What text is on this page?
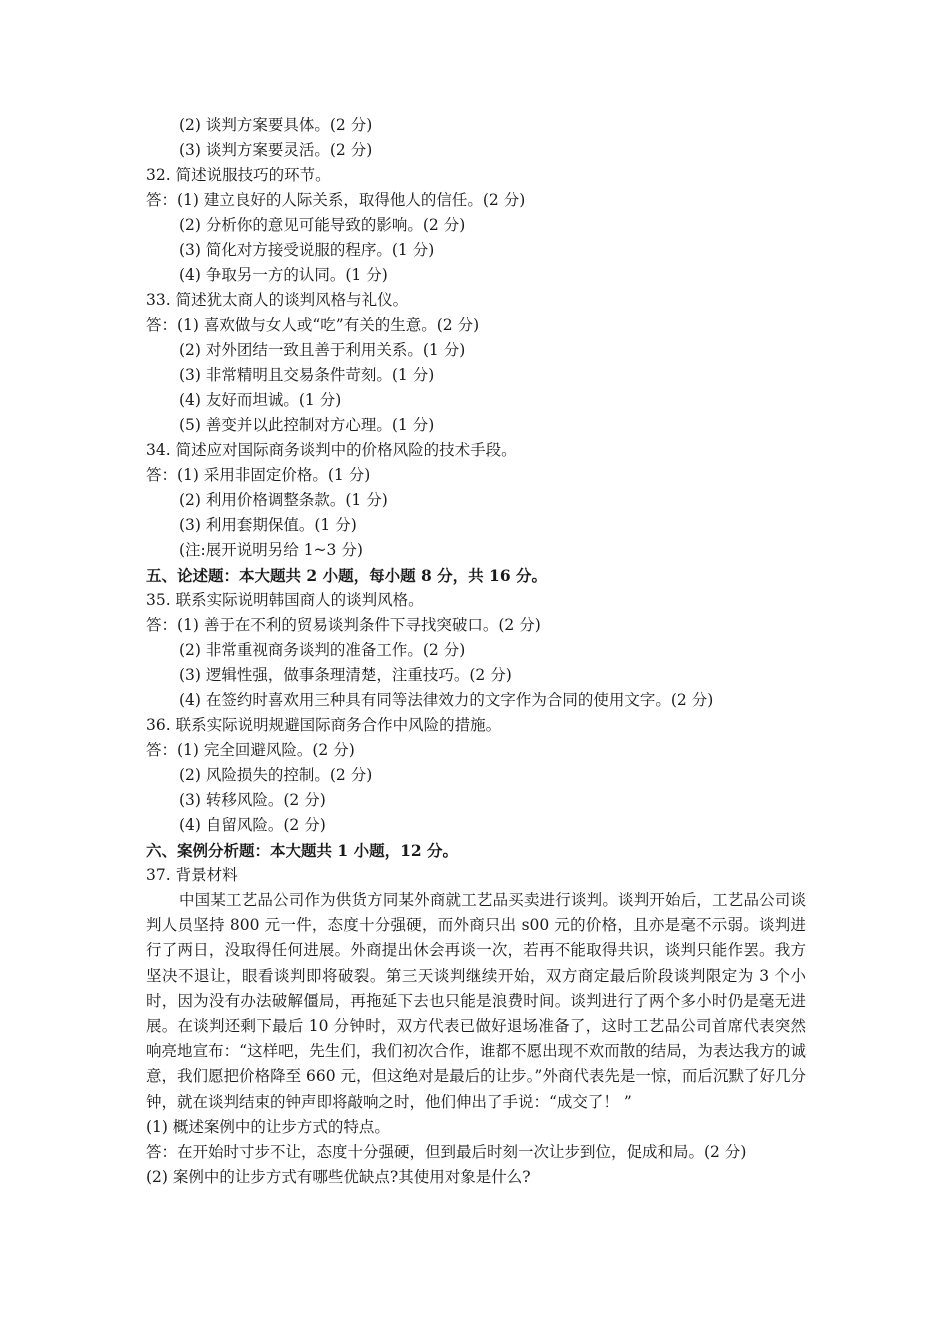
(2) 谈判方案要具体。(2 分)
(3) 谈判方案要灵活。(2 分)
32. 简述说服技巧的环节。
答：(1) 建立良好的人际关系，取得他人的信任。(2 分)
(2) 分析你的意见可能导致的影响。(2 分)
(3) 简化对方接受说服的程序。(1 分)
(4) 争取另一方的认同。(1 分)
33. 简述犹太商人的谈判风格与礼仪。
答：(1) 喜欢做与女人或“吃”有关的生意。(2 分)
(2) 对外团结一致且善于利用关系。(1 分)
(3) 非常精明且交易条件苛刻。(1 分)
(4) 友好而坦诚。(1 分)
(5) 善变并以此控制对方心理。(1 分)
34. 简述应对国际商务谈判中的价格风险的技术手段。
答：(1) 采用非固定价格。(1 分)
(2) 利用价格调整条款。(1 分)
(3) 利用套期保值。(1 分)
(注:展开说明另给 1~3 分)
五、论述题：本大题共 2 小题，每小题 8 分，共 16 分。
35. 联系实际说明韩国商人的谈判风格。
答：(1) 善于在不利的贸易谈判条件下寻找突破口。(2 分)
(2) 非常重视商务谈判的准备工作。(2 分)
(3) 逻辑性强，做事条理清楚，注重技巧。(2 分)
(4) 在签约时喜欢用三种具有同等法律效力的文字作为合同的使用文字。(2 分)
36. 联系实际说明规避国际商务合作中风险的措施。
答：(1) 完全回避风险。(2 分)
(2) 风险损失的控制。(2 分)
(3) 转移风险。(2 分)
(4) 自留风险。(2 分)
六、案例分析题：本大题共 1 小题，12 分。
37. 背景材料

中国某工艺品公司作为供货方同某外商就工艺品买卖进行谈判。谈判开始后，工艺品公司谈判人员坚持 800 元一件，态度十分强硬，而外商只出 s00 元的价格，且亦是毫不示弱。谈判进行了两日，没取得任何进展。外商提出休会再谈一次，若再不能取得共识，谈判只能作罢。我方坚决不退让，眼看谈判即将破裂。第三天谈判继续开始，双方商定最后阶段谈判限定为 3 个小时，因为没有办法破解僵局，再拖延下去也只能是浪费时间。谈判进行了两个多小时仍是毫无进展。在谈判还剩下最后 10 分钟时，双方代表已做好退场准备了，这时工艺品公司首席代表突然响亮地宣布：“这样吧，先生们，我们初次合作，谁都不愿出现不欢而散的结局，为表达我方的诚意，我们愿把价格降至 660 元，但这绝对是最后的让步。”外商代表先是一惊，而后沉默了好几分钟，就在谈判结束的钟声即将敲响之时，他们伸出了手说：“成交了！ ”

(1) 概述案例中的让步方式的特点。
答：在开始时寸步不让，态度十分强硬，但到最后时刻一次让步到位，促成和局。(2 分)
(2) 案例中的让步方式有哪些优缺点?其使用对象是什么?
